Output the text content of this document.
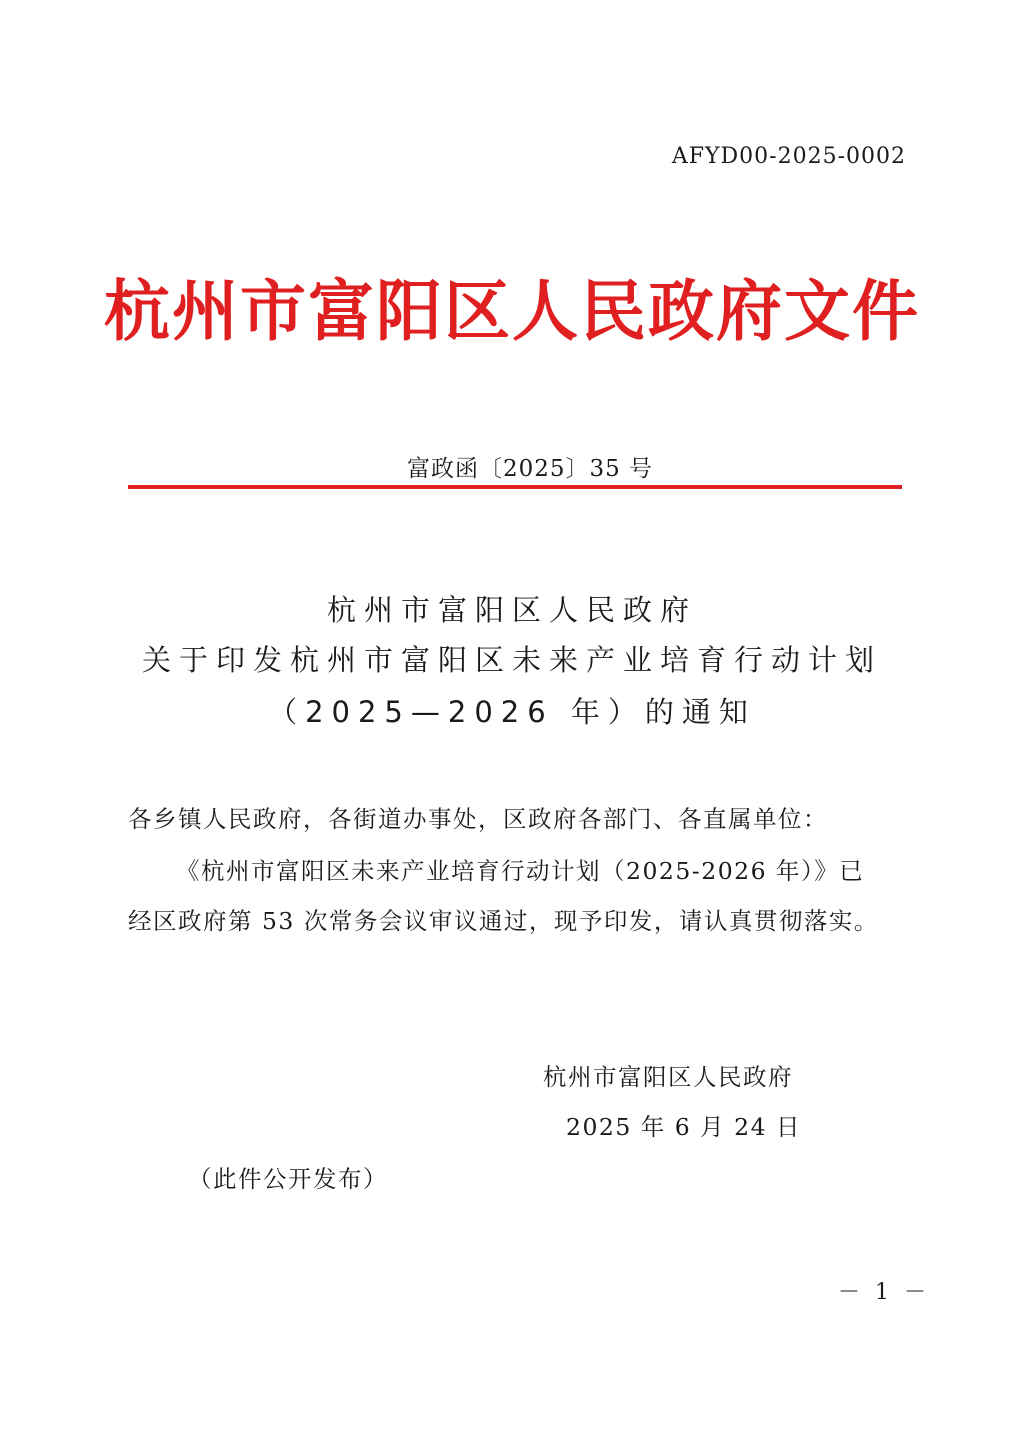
AFYD00-2025-0002
杭州市富阳区人民政府文件
富政函〔2025〕35 号
杭州市富阳区人民政府
关于印发杭州市富阳区未来产业培育行动计划
（2025—2026 年）的通知
各乡镇人民政府，各街道办事处，区政府各部门、各直属单位：
《杭州市富阳区未来产业培育行动计划（2025-2026 年）》已
经区政府第 53 次常务会议审议通过，现予印发，请认真贯彻落实。
杭州市富阳区人民政府
2025 年 6 月 24 日
（此件公开发布）
－ 1 －
